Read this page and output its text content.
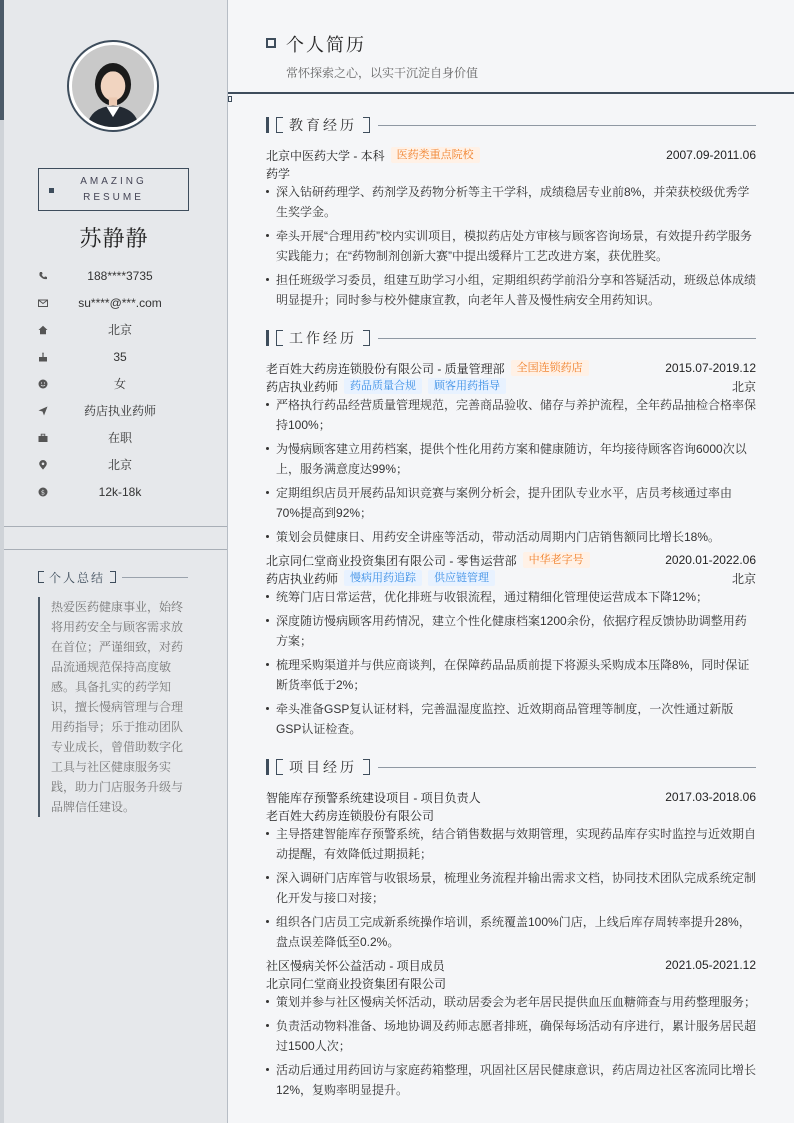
AMAZING
RESUME
苏静静
188****3735
su****@***.com
北京
35
女
药店执业药师
在职
北京
$	12k-18k
个人总结
热爱医药健康事业，始终将用药安全与顾客需求放在首位；严谨细致，对药品流通规范保持高度敏感。具备扎实的药学知识，擅长慢病管理与合理用药指导；乐于推动团队专业成长，曾借助数字化工具与社区健康服务实践，助力门店服务升级与品牌信任建设。
个人简历
常怀探索之心，以实干沉淀自身价值
教育经历
北京中医药大学 - 本科	医药类重点院校	2007.09-2011.06
药学
深入钻研药理学、药剂学及药物分析等主干学科，成绩稳居专业前8%，并荣获校级优秀学生奖学金。
牵头开展“合理用药”校内实训项目，模拟药店处方审核与顾客咨询场景，有效提升药学服务实践能力；在“药物制剂创新大赛”中提出缓释片工艺改进方案，获优胜奖。
担任班级学习委员，组建互助学习小组，定期组织药学前沿分享和答疑活动，班级总体成绩明显提升；同时参与校外健康宣教，向老年人普及慢性病安全用药知识。
工作经历
老百姓大药房连锁股份有限公司 - 质量管理部	全国连锁药店	2015.07-2019.12
药店执业药师	药品质量合规	顾客用药指导	北京
严格执行药品经营质量管理规范，完善商品验收、储存与养护流程，全年药品抽检合格率保持100%；
为慢病顾客建立用药档案，提供个性化用药方案和健康随访，年均接待顾客咨询6000次以上，服务满意度达99%；
定期组织店员开展药品知识竞赛与案例分析会，提升团队专业水平，店员考核通过率由70%提高到92%；
策划会员健康日、用药安全讲座等活动，带动活动周期内门店销售额同比增长18%。
北京同仁堂商业投资集团有限公司 - 零售运营部	中华老字号	2020.01-2022.06
药店执业药师	慢病用药追踪	供应链管理	北京
统筹门店日常运营，优化排班与收银流程，通过精细化管理使运营成本下降12%；
深度随访慢病顾客用药情况，建立个性化健康档案1200余份，依据疗程反馈协助调整用药方案；
梳理采购渠道并与供应商谈判，在保障药品品质前提下将源头采购成本压降8%，同时保证断货率低于2%；
牵头准备GSP复认证材料，完善温湿度监控、近效期商品管理等制度，一次性通过新版GSP认证检查。
项目经历
智能库存预警系统建设项目 - 项目负责人	2017.03-2018.06
老百姓大药房连锁股份有限公司
主导搭建智能库存预警系统，结合销售数据与效期管理，实现药品库存实时监控与近效期自动提醒，有效降低过期损耗；
深入调研门店库管与收银场景，梳理业务流程并输出需求文档，协同技术团队完成系统定制化开发与接口对接；
组织各门店员工完成新系统操作培训，系统覆盖100%门店，上线后库存周转率提升28%，盘点误差降低至0.2%。
社区慢病关怀公益活动 - 项目成员	2021.05-2021.12
北京同仁堂商业投资集团有限公司
策划并参与社区慢病关怀活动，联动居委会为老年居民提供血压血糖筛查与用药整理服务；
负责活动物料准备、场地协调及药师志愿者排班，确保每场活动有序进行，累计服务居民超过1500人次；
活动后通过用药回访与家庭药箱整理，巩固社区居民健康意识，药店周边社区客流同比增长12%，复购率明显提升。
